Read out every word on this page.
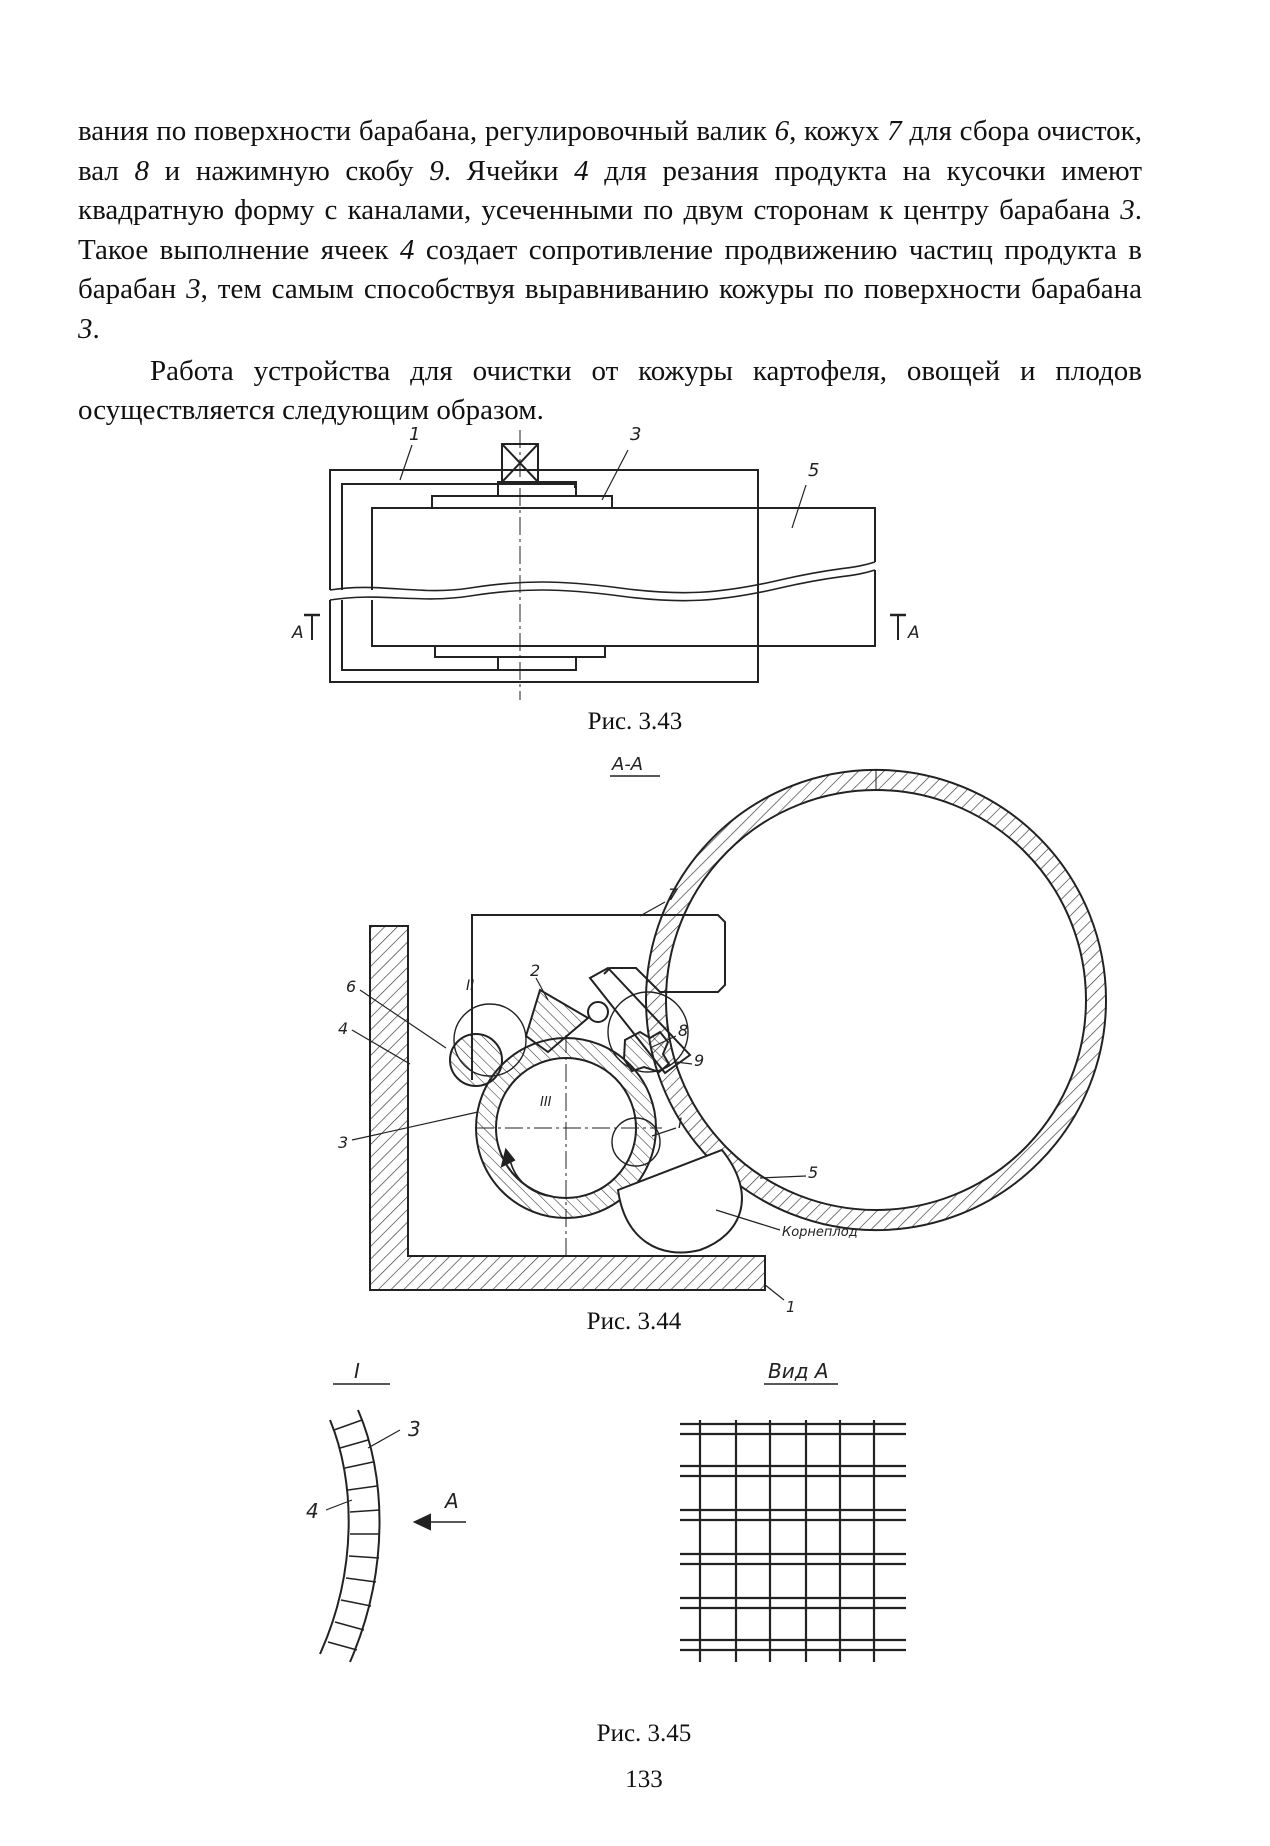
вания по поверхности барабана, регулировочный валик 6, кожух 7 для сбора очисток, вал 8 и нажимную скобу 9. Ячейки 4 для резания продукта на кусочки имеют квадратную форму с каналами, усеченными по двум сторонам к центру барабана 3. Такое выполнение ячеек 4 создает сопротивление продвижению частиц продукта в барабан 3, тем самым способствуя выравниванию кожуры по поверхности барабана 3.

Работа устройства для очистки от кожуры картофеля, овощей и плодов осуществляется следующим образом.

1	3
5
A	A
A-A
6
4
3
II
2
7
8
9
III
I
5
Корнеплод
1
I
3
4	A
Вид A
Рис. 3.43
Рис. 3.44
Рис. 3.45
133
